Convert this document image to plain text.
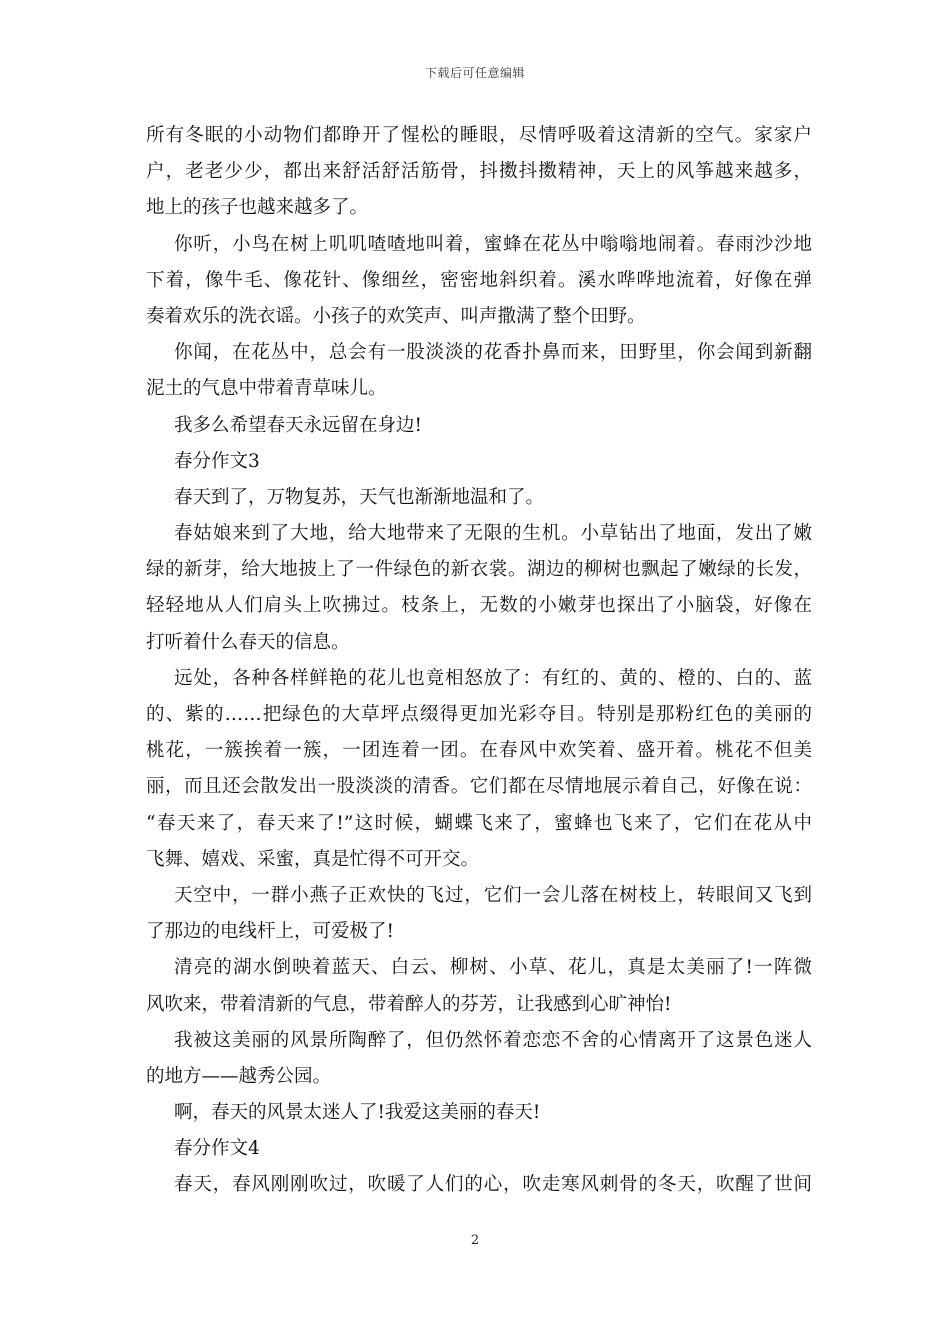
下载后可任意编辑
所有冬眠的小动物们都睁开了惺松的睡眼，尽情呼吸着这清新的空气。家家户
户，老老少少，都出来舒活舒活筋骨，抖擞抖擞精神，天上的风筝越来越多，
地上的孩子也越来越多了。
你听，小鸟在树上叽叽喳喳地叫着，蜜蜂在花丛中嗡嗡地闹着。春雨沙沙地
下着，像牛毛、像花针、像细丝，密密地斜织着。溪水哗哗地流着，好像在弹
奏着欢乐的洗衣谣。小孩子的欢笑声、叫声撒满了整个田野。
你闻，在花丛中，总会有一股淡淡的花香扑鼻而来，田野里，你会闻到新翻
泥土的气息中带着青草味儿。
我多么希望春天永远留在身边!
春分作文3
春天到了，万物复苏，天气也渐渐地温和了。
春姑娘来到了大地，给大地带来了无限的生机。小草钻出了地面，发出了嫩
绿的新芽，给大地披上了一件绿色的新衣裳。湖边的柳树也飘起了嫩绿的长发，
轻轻地从人们肩头上吹拂过。枝条上，无数的小嫩芽也探出了小脑袋，好像在
打听着什么春天的信息。
远处，各种各样鲜艳的花儿也竟相怒放了：有红的、黄的、橙的、白的、蓝
的、紫的……把绿色的大草坪点缀得更加光彩夺目。特别是那粉红色的美丽的
桃花，一簇挨着一簇，一团连着一团。在春风中欢笑着、盛开着。桃花不但美
丽，而且还会散发出一股淡淡的清香。它们都在尽情地展示着自己，好像在说：
“春天来了，春天来了!”这时候，蝴蝶飞来了，蜜蜂也飞来了，它们在花从中
飞舞、嬉戏、采蜜，真是忙得不可开交。
天空中，一群小燕子正欢快的飞过，它们一会儿落在树枝上，转眼间又飞到
了那边的电线杆上，可爱极了!
清亮的湖水倒映着蓝天、白云、柳树、小草、花儿，真是太美丽了!一阵微
风吹来，带着清新的气息，带着醉人的芬芳，让我感到心旷神怡!
我被这美丽的风景所陶醉了，但仍然怀着恋恋不舍的心情离开了这景色迷人
的地方——越秀公园。
啊，春天的风景太迷人了!我爱这美丽的春天!
春分作文4
春天，春风刚刚吹过，吹暖了人们的心，吹走寒风刺骨的冬天，吹醒了世间
2
